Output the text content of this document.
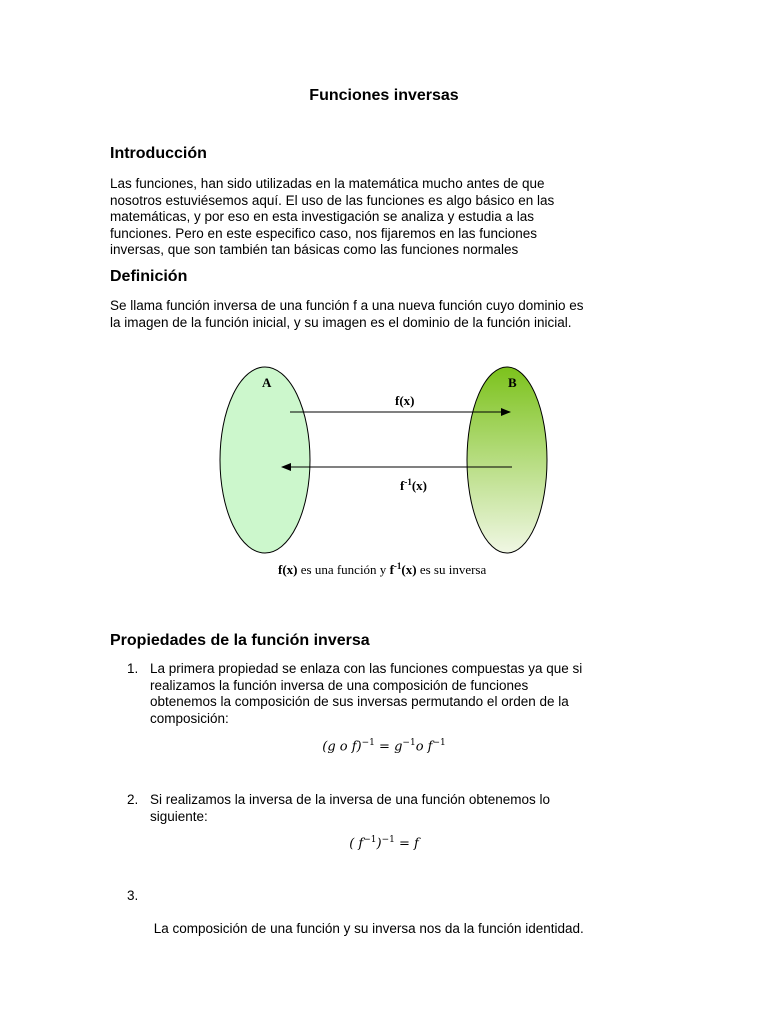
Funciones inversas
Introducción
Las funciones, han sido utilizadas en la matemática mucho antes de que
nosotros estuviésemos aquí. El uso de las funciones es algo básico en las
matemáticas, y por eso en esta investigación se analiza y estudia a las
funciones. Pero en este especifico caso, nos fijaremos en las funciones
inversas, que son también tan básicas como las funciones normales
Definición
Se llama función inversa de una función f a una nueva función cuyo dominio es
la imagen de la función inicial, y su imagen es el dominio de la función inicial.
A	B
f(x)
$f^{-1}(x)$
f(x) es una función y $f^{-1}(x)$ es su inversa
Propiedades de la función inversa
1. La primera propiedad se enlaza con las funciones compuestas ya que si
realizamos la función inversa de una composición de funciones
obtenemos la composición de sus inversas permutando el orden de la
composición:
(g o $f)^{-1} = g^{-1}o$ $f^{-1}$
2. Si realizamos la inversa de la inversa de una función obtenemos lo
siguiente:
( $f^{-1})^{-1} = f$
3.

La composición de una función y su inversa nos da la función identidad.
